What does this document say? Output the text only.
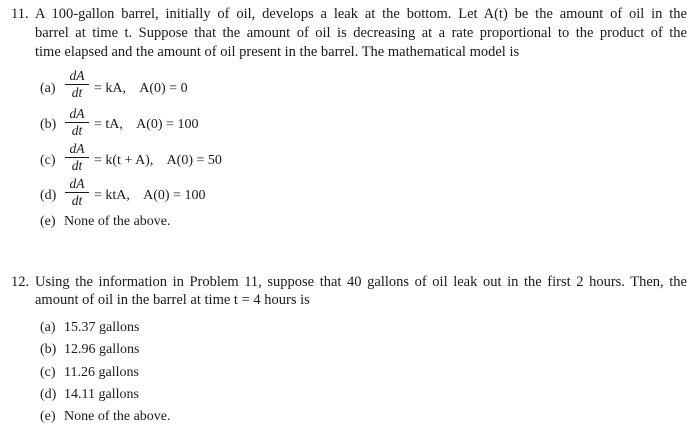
11. A 100-gallon barrel, initially of oil, develops a leak at the bottom. Let A(t) be the amount of oil in the
barrel at time t. Suppose that the amount of oil is decreasing at a rate proportional to the product of the
time elapsed and the amount of oil present in the barrel. The mathematical model is
(a)
dA
dt = kA,    A(0) = 0
(b)
dA
dt = tA,    A(0) = 100
(c)
dA
dt = k(t + A),    A(0) = 50
(d)
dA
dt = ktA,    A(0) = 100
(e) None of the above.
12. Using the information in Problem 11, suppose that 40 gallons of oil leak out in the first 2 hours. Then, the
amount of oil in the barrel at time t = 4 hours is
(a) 15.37 gallons
(b) 12.96 gallons
(c) 11.26 gallons
(d) 14.11 gallons
(e) None of the above.
